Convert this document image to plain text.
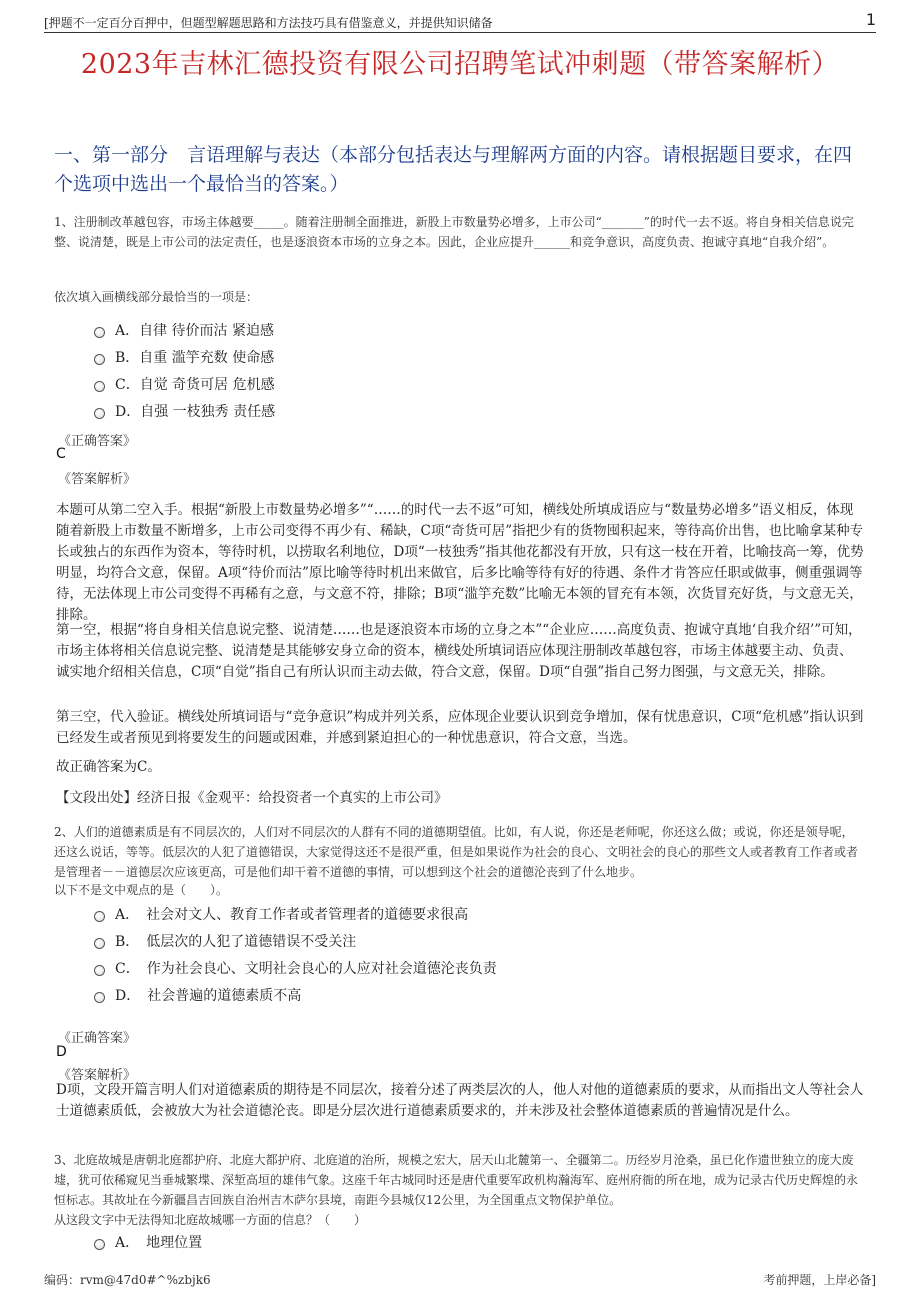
[押题不一定百分百押中，但题型解题思路和方法技巧具有借鉴意义，并提供知识储备	1
2023年吉林汇德投资有限公司招聘笔试冲刺题（带答案解析）
一、第一部分　言语理解与表达（本部分包括表达与理解两方面的内容。请根据题目要求，在四个选项中选出一个最恰当的答案。）
1、注册制改革越包容，市场主体越要_____。随着注册制全面推进，新股上市数量势必增多，上市公司“_______”的时代一去不返。将自身相关信息说完整、说清楚，既是上市公司的法定责任，也是逐浪资本市场的立身之本。因此，企业应提升______和竞争意识，高度负责、抱诚守真地“自我介绍”。
依次填入画横线部分最恰当的一项是：
A．自律 待价而沽 紧迫感
B．自重 滥竽充数 使命感
C．自觉 奇货可居 危机感
D．自强 一枝独秀 责任感
《正确答案》
C
《答案解析》
本题可从第二空入手。根据“新股上市数量势必增多”“……的时代一去不返”可知，横线处所填成语应与“数量势必增多”语义相反，体现随着新股上市数量不断增多，上市公司变得不再少有、稀缺，C项“奇货可居”指把少有的货物囤积起来，等待高价出售，也比喻拿某种专长或独占的东西作为资本，等待时机，以捞取名利地位，D项“一枝独秀”指其他花都没有开放，只有这一枝在开着，比喻技高一筹，优势明显，均符合文意，保留。A项“待价而沽”原比喻等待时机出来做官，后多比喻等待有好的待遇、条件才肯答应任职或做事，侧重强调等待，无法体现上市公司变得不再稀有之意，与文意不符，排除；B项“滥竽充数”比喻无本领的冒充有本领，次货冒充好货，与文意无关，排除。
第一空，根据“将自身相关信息说完整、说清楚……也是逐浪资本市场的立身之本”“企业应……高度负责、抱诚守真地‘自我介绍’”可知，市场主体将相关信息说完整、说清楚是其能够安身立命的资本，横线处所填词语应体现注册制改革越包容，市场主体越要主动、负责、诚实地介绍相关信息，C项“自觉”指自己有所认识而主动去做，符合文意，保留。D项“自强”指自己努力图强，与文意无关，排除。
第三空，代入验证。横线处所填词语与“竞争意识”构成并列关系，应体现企业要认识到竞争增加，保有忧患意识，C项“危机感”指认识到已经发生或者预见到将要发生的问题或困难，并感到紧迫担心的一种忧患意识，符合文意，当选。
故正确答案为C。
【文段出处】经济日报《金观平：给投资者一个真实的上市公司》
2、人们的道德素质是有不同层次的，人们对不同层次的人群有不同的道德期望值。比如，有人说，你还是老师呢，你还这么做；或说，你还是领导呢，还这么说话，等等。低层次的人犯了道德错误，大家觉得这还不是很严重，但是如果说作为社会的良心、文明社会的良心的那些文人或者教育工作者或者是管理者－－道德层次应该更高，可是他们却干着不道德的事情，可以想到这个社会的道德沦丧到了什么地步。
以下不是文中观点的是（　　）。
A．　社会对文人、教育工作者或者管理者的道德要求很高
B．　低层次的人犯了道德错误不受关注
C．　作为社会良心、文明社会良心的人应对社会道德沦丧负责
D．　社会普遍的道德素质不高
《正确答案》
D
《答案解析》
D项，文段开篇言明人们对道德素质的期待是不同层次，接着分述了两类层次的人，他人对他的道德素质的要求，从而指出文人等社会人士道德素质低，会被放大为社会道德沦丧。即是分层次进行道德素质要求的，并未涉及社会整体道德素质的普遍情况是什么。
3、北庭故城是唐朝北庭都护府、北庭大都护府、北庭道的治所，规模之宏大，居天山北麓第一、全疆第二。历经岁月沧桑，虽已化作遗世独立的庞大废墟，犹可依稀窥见当垂城繁堞、深堑高垣的雄伟气象。这座千年古城同时还是唐代重要军政机构瀚海军、庭州府衙的所在地，成为记录古代历史辉煌的永恒标志。其故址在今新疆昌吉回族自治州吉木萨尔县境，南距今县城仅12公里，为全国重点文物保护单位。
从这段文字中无法得知北庭故城哪一方面的信息？（　　）
A．　地理位置
编码：rvm@47d0#^%zbjk6	考前押题，上岸必备]
